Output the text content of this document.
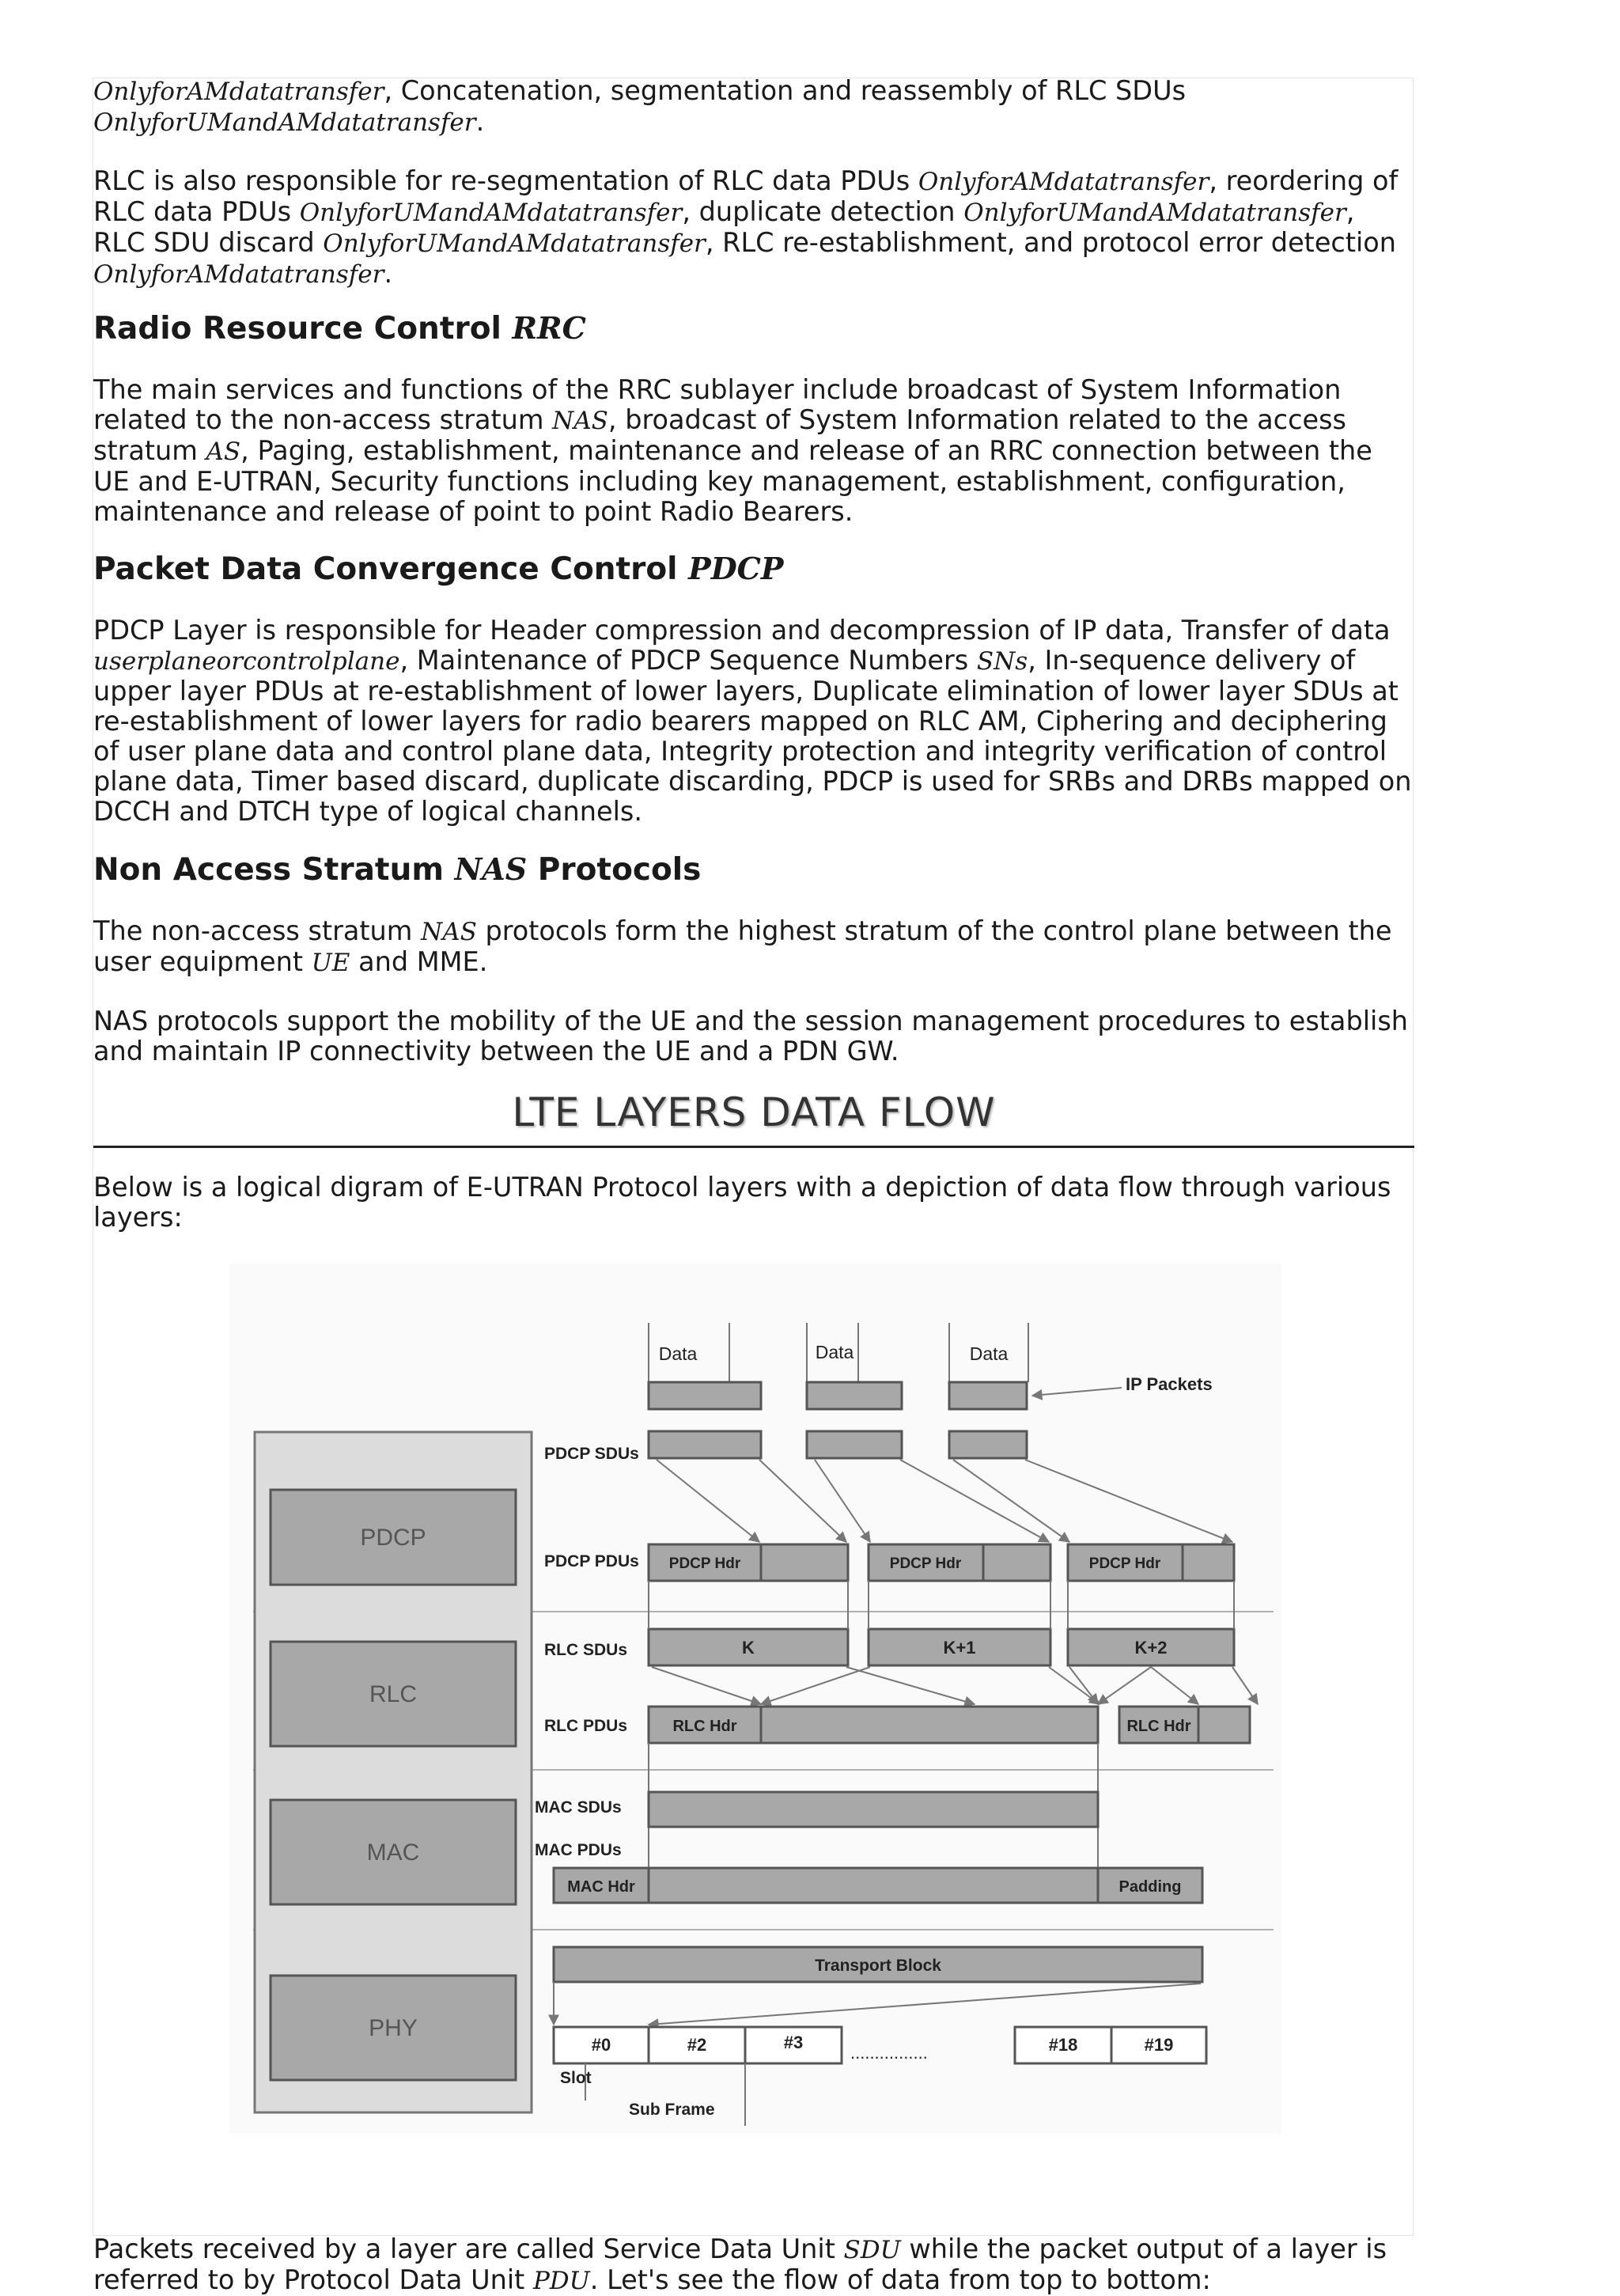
OnlyforAMdatatransfer, Concatenation, segmentation and reassembly of RLC SDUs
OnlyforUMandAMdatatransfer.

RLC is also responsible for re-segmentation of RLC data PDUs OnlyforAMdatatransfer, reordering of RLC data PDUs OnlyforUMandAMdatatransfer, duplicate detection OnlyforUMandAMdatatransfer, RLC SDU discard OnlyforUMandAMdatatransfer, RLC re-establishment, and protocol error detection OnlyforAMdatatransfer.

Radio Resource Control RRC

The main services and functions of the RRC sublayer include broadcast of System Information related to the non-access stratum NAS, broadcast of System Information related to the access stratum AS, Paging, establishment, maintenance and release of an RRC connection between the UE and E-UTRAN, Security functions including key management, establishment, configuration, maintenance and release of point to point Radio Bearers.

Packet Data Convergence Control PDCP

PDCP Layer is responsible for Header compression and decompression of IP data, Transfer of data userplaneorcontrolplane, Maintenance of PDCP Sequence Numbers SNs, In-sequence delivery of upper layer PDUs at re-establishment of lower layers, Duplicate elimination of lower layer SDUs at re-establishment of lower layers for radio bearers mapped on RLC AM, Ciphering and deciphering of user plane data and control plane data, Integrity protection and integrity verification of control plane data, Timer based discard, duplicate discarding, PDCP is used for SRBs and DRBs mapped on DCCH and DTCH type of logical channels.

Non Access Stratum NAS Protocols

The non-access stratum NAS protocols form the highest stratum of the control plane between the user equipment UE and MME.

NAS protocols support the mobility of the UE and the session management procedures to establish and maintain IP connectivity between the UE and a PDN GW.

LTE LAYERS DATA FLOW

Below is a logical digram of E-UTRAN Protocol layers with a depiction of data flow through various layers:

Packets received by a layer are called Service Data Unit SDU while the packet output of a layer is referred to by Protocol Data Unit PDU. Let's see the flow of data from top to bottom:

PDCP
RLC
MAC
PHY
PDCP SDUs
PDCP PDUs
RLC SDUs
RLC PDUs
MAC SDUs
MAC PDUs
Data	Data	Data
IP Packets
PDCP Hdr	PDCP Hdr	PDCP Hdr
K	K+1	K+2
RLC Hdr	RLC Hdr
MAC Hdr	Padding
Transport Block
#0	#2	#3	#18	#19
................
Slot
Sub Frame
